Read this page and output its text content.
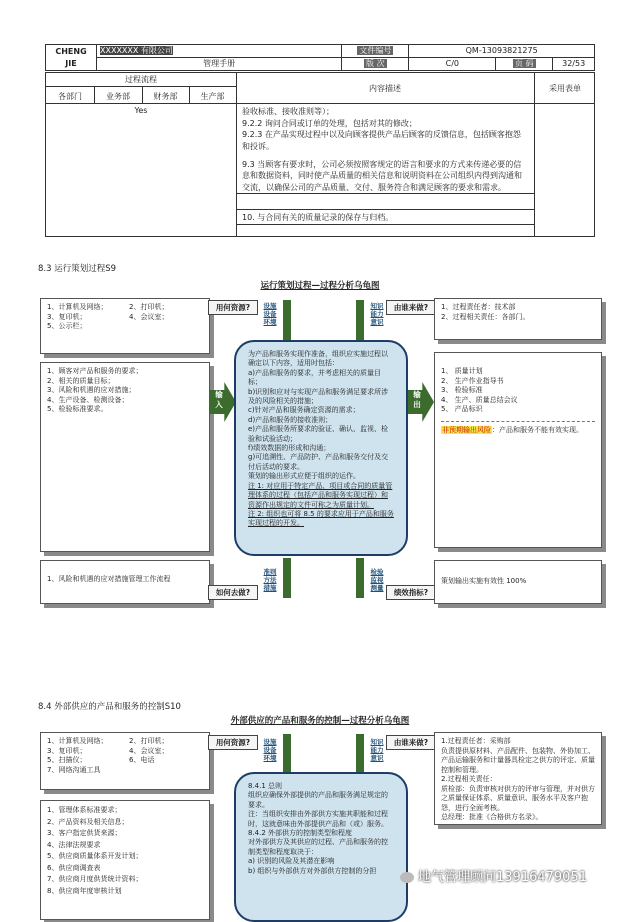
CHENG
JIE	XXXXXXX 有限公司	文件编号	QM-13093821275		
	管理手册	版 次	C/0	页 码	32/53
过程流程
内容描述	采用表单
各部门	业务部	财务部	生产部
Yes	验收标准、接收准则等）；
9.2.2 询问合同或订单的处理，包括对其的修改；
9.2.3 在产品实现过程中以及向顾客提供产品后顾客的反馈信息，包括顾客抱怨和投诉。
9.3 当顾客有要求时，公司必须按照客规定的语言和要求的方式来传递必要的信息和数据资料，同时使产品质量的相关信息和说明资料在公司组织内得到沟通和交流，以确保公司的产品质量、交付、服务符合和满足顾客的要求和需求。
10. 与合同有关的质量记录的保存与归档。
8.3 运行策划过程S9
运行策划过程—过程分析乌龟图
1、计算机及网络；	2、打印机；
3、复印机；	4、会议室；
5、公示栏；
用何资源?	设施
设备
环境
知识
能力
意识
由谁来做?	1、过程责任者：技术部
2、过程相关责任：各部门。
1、顾客对产品和服务的要求；
2、相关的质量目标；
3、风险和机遇的应对措施；
4、生产设备、检测设备；
5、检验标准要求。
输
入
为产品和服务实现作准备，组织应实施过程以确定以下内容，适用时包括：
a)产品和服务的要求，并考虑相关的质量目标；
b)识别和应对与实现产品和服务满足要求所涉及的风险相关的措施；
c)针对产品和服务确定资源的需求；
d)产品和服务的接收准则；
e)产品和服务所要求的验证、确认、监视、检验和试验活动；
f)绩效数据的形成和沟通；
g)可追溯性、产品防护、产品和服务交付及交付后活动的要求。
策划的输出形式应便于组织的运作。
注 1: 对应用于特定产品、项目或合同的质量管理体系的过程（包括产品和服务实现过程）和资源作出规定的文件可称之为质量计划。
注 2: 组织也可将 8.5 的要求应用于产品和服务实现过程的开发。
输
出
1、 质量计划
2、 生产作业指导书
3、 检验标准
4、 生产、质量总结会议
5、 产品标识
非预期输出风险：产品和服务不能有效实现。
1、风险和机遇的应对措施管理工作流程
如何去做?
准则
方法
措施
检验
监视
测量	绩效指标?
策划输出实施有效性 100%
8.4 外部供应的产品和服务的控制S10
外部供应的产品和服务的控制—过程分析乌龟图
1、计算机及网络；	2、打印机；
3、复印机；	4、会议室；
5、扫描仪；	6、电话
7、网络沟通工具
用何资源?	设施
设备
环境
知识
能力
意识
由谁来做?	1.过程责任者：采购部
负责提供原材料、产品配件、包装物、外协加工、产品运输服务和计量器具检定之供方的评定、质量控制和管理。
2.过程相关责任：
质检部：负责审核对供方的评审与管理，并对供方之质量保证体系、质量意识、服务水平及客户抱怨，进行全面考核。
总经理：批准《合格供方名录》。
1、管理体系标准要求；
2、产品资料及相关信息；
3、客户指定供货来源；
4、法律法规要求
5、供应商质量体系开发计划；
6、供应商调查表
7、供应商月度供货统计资料；
8、供应商年度审核计划
8.4.1 总则
组织应确保外部提供的产品和服务满足规定的要求。
注：当组织安排由外部供方实施其职能和过程时，这就意味由外部提供产品和（或）服务。
8.4.2 外部供方的控制类型和程度
对外部供方及其供应的过程、产品和服务的控制类型和程度取决于：
a) 识别的风险及其潜在影响
b) 组织与外部供方对外部供方控制的分担	地气管理顾问13916479051
